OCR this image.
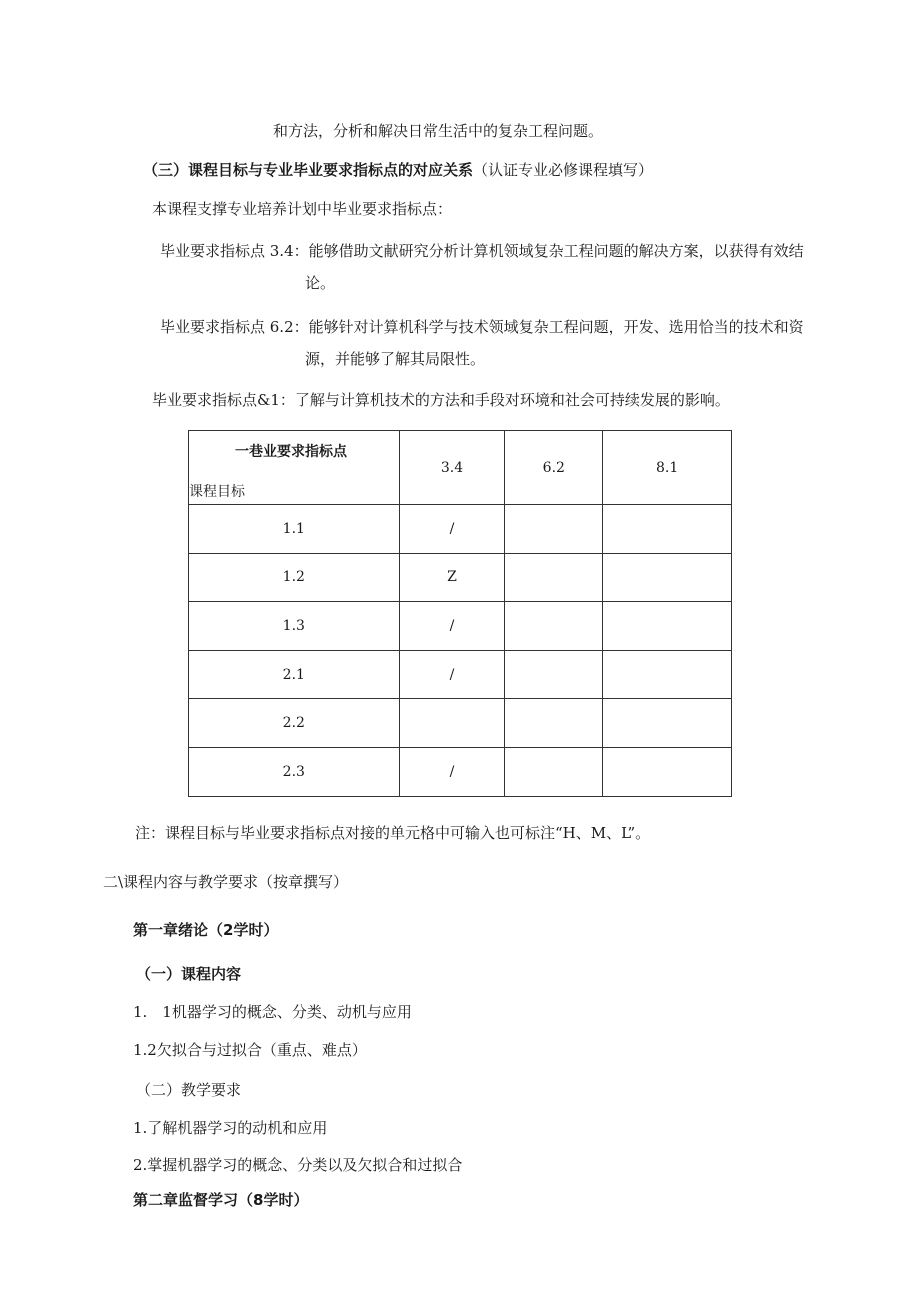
和方法，分析和解决日常生活中的复杂工程问题。
（三）课程目标与专业毕业要求指标点的对应关系（认证专业必修课程填写）
本课程支撑专业培养计划中毕业要求指标点：
毕业要求指标点 3.4：能够借助文献研究分析计算机领域复杂工程问题的解决方案，以获得有效结
论。
毕业要求指标点 6.2：能够针对计算机科学与技术领域复杂工程问题，开发、选用恰当的技术和资
源，并能够了解其局限性。
毕业要求指标点&1：了解与计算机技术的方法和手段对环境和社会可持续发展的影响。
一巷业要求指标点
课程目标	3.4	6.2	8.1
1.1	/		
1.2	Z		
1.3	/		
2.1	/		
2.2			
2.3	/		
注：课程目标与毕业要求指标点对接的单元格中可输入也可标注“H、M、L”。
二\课程内容与教学要求（按章撰写）
第一章绪论（2学时）
（一）课程内容
1.　1机器学习的概念、分类、动机与应用
1.2欠拟合与过拟合（重点、难点）
（二）教学要求
1.了解机器学习的动机和应用
2.掌握机器学习的概念、分类以及欠拟合和过拟合
第二章监督学习（8学时）
